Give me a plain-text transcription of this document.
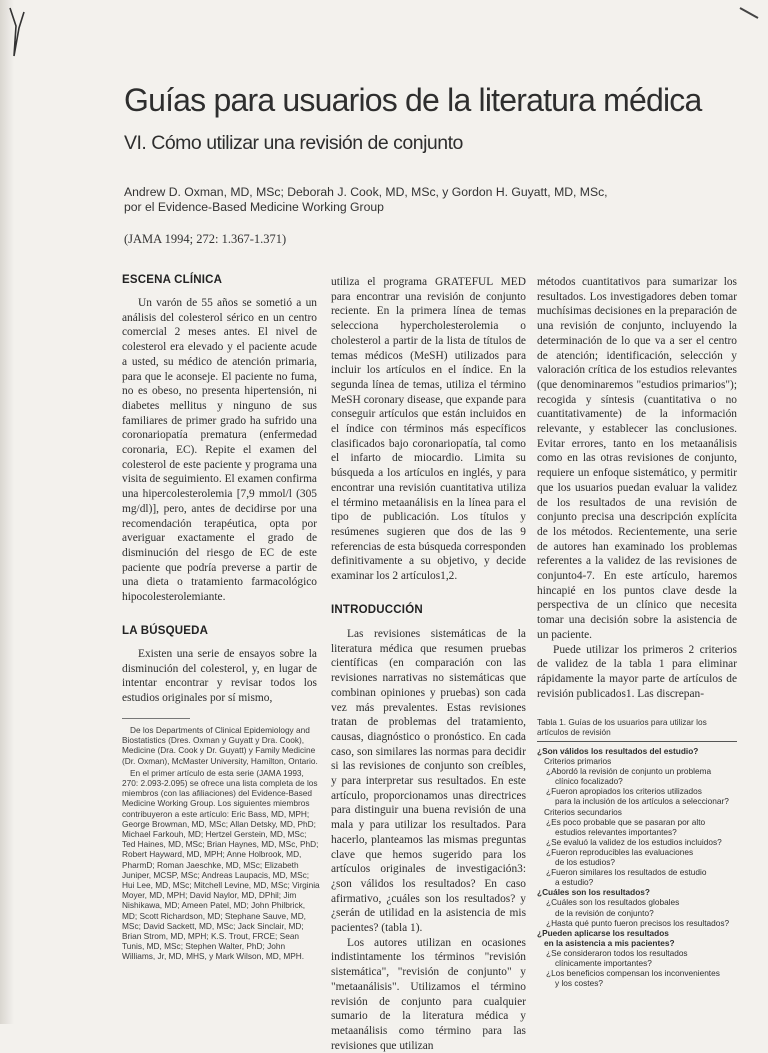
Guías para usuarios de la literatura médica
VI. Cómo utilizar una revisión de conjunto
Andrew D. Oxman, MD, MSc; Deborah J. Cook, MD, MSc, y Gordon H. Guyatt, MD, MSc,
por el Evidence-Based Medicine Working Group
(JAMA 1994; 272: 1.367-1.371)
ESCENA CLÍNICA

Un varón de 55 años se sometió a un análisis del colesterol sérico en un centro comercial 2 meses antes. El nivel de colesterol era elevado y el paciente acude a usted, su médico de atención primaria, para que le aconseje. El paciente no fuma, no es obeso, no presenta hipertensión, ni diabetes mellitus y ninguno de sus familiares de primer grado ha sufrido una coronariopatía prematura (enfermedad coronaria, EC). Repite el examen del colesterol de este paciente y programa una visita de seguimiento. El examen confirma una hipercolesterolemia [7,9 mmol/l (305 mg/dl)], pero, antes de decidirse por una recomendación terapéutica, opta por averiguar exactamente el grado de disminución del riesgo de EC de este paciente que podría preverse a partir de una dieta o tratamiento farmacológico hipocolesterolemiante.

LA BÚSQUEDA

Existen una serie de ensayos sobre la disminución del colesterol, y, en lugar de intentar encontrar y revisar todos los estudios originales por sí mismo,

De los Departments of Clinical Epidemiology and Biostatistics (Dres. Oxman y Guyatt y Dra. Cook), Medicine (Dra. Cook y Dr. Guyatt) y Family Medicine (Dr. Oxman), McMaster University, Hamilton, Ontario.

En el primer artículo de esta serie (JAMA 1993, 270: 2.093-2.095) se ofrece una lista completa de los miembros (con las afiliaciones) del Evidence-Based Medicine Working Group. Los siguientes miembros contribuyeron a este artículo: Eric Bass, MD, MPH; George Browman, MD, MSc; Allan Detsky, MD, PhD; Michael Farkouh, MD; Hertzel Gerstein, MD, MSc; Ted Haines, MD, MSc; Brian Haynes, MD, MSc, PhD; Robert Hayward, MD, MPH; Anne Holbrook, MD, PharmD; Roman Jaeschke, MD, MSc; Elizabeth Juniper, MCSP, MSc; Andreas Laupacis, MD, MSc; Hui Lee, MD, MSc; Mitchell Levine, MD, MSc; Virginia Moyer, MD, MPH; David Naylor, MD, DPhil; Jim Nishikawa, MD; Ameen Patel, MD; John Philbrick, MD; Scott Richardson, MD; Stephane Sauve, MD, MSc; David Sackett, MD, MSc; Jack Sinclair, MD; Brian Strom, MD, MPH; K.S. Trout, FRCE; Sean Tunis, MD, MSc; Stephen Walter, PhD; John Williams, Jr, MD, MHS, y Mark Wilson, MD, MPH.

utiliza el programa GRATEFUL MED para encontrar una revisión de conjunto reciente. En la primera línea de temas selecciona hypercholesterolemia o cholesterol a partir de la lista de títulos de temas médicos (MeSH) utilizados para incluir los artículos en el índice. En la segunda línea de temas, utiliza el término MeSH coronary disease, que expande para conseguir artículos que están incluidos en el índice con términos más específicos clasificados bajo coronariopatía, tal como el infarto de miocardio. Limita su búsqueda a los artículos en inglés, y para encontrar una revisión cuantitativa utiliza el término metaanálisis en la línea para el tipo de publicación. Los títulos y resúmenes sugieren que dos de las 9 referencias de esta búsqueda corresponden definitivamente a su objetivo, y decide examinar los 2 artículos1,2.

INTRODUCCIÓN

Las revisiones sistemáticas de la literatura médica que resumen pruebas científicas (en comparación con las revisiones narrativas no sistemáticas que combinan opiniones y pruebas) son cada vez más prevalentes. Estas revisiones tratan de problemas del tratamiento, causas, diagnóstico o pronóstico. En cada caso, son similares las normas para decidir si las revisiones de conjunto son creíbles, y para interpretar sus resultados. En este artículo, proporcionamos unas directrices para distinguir una buena revisión de una mala y para utilizar los resultados. Para hacerlo, planteamos las mismas preguntas clave que hemos sugerido para los artículos originales de investigación3: ¿son válidos los resultados? En caso afirmativo, ¿cuáles son los resultados? y ¿serán de utilidad en la asistencia de mis pacientes? (tabla 1).

Los autores utilizan en ocasiones indistintamente los términos "revisión sistemática", "revisión de conjunto" y "metaanálisis". Utilizamos el término revisión de conjunto para cualquier sumario de la literatura médica y metaanálisis como término para las revisiones que utilizan

métodos cuantitativos para sumarizar los resultados. Los investigadores deben tomar muchísimas decisiones en la preparación de una revisión de conjunto, incluyendo la determinación de lo que va a ser el centro de atención; identificación, selección y valoración crítica de los estudios relevantes (que denominaremos "estudios primarios"); recogida y síntesis (cuantitativa o no cuantitativamente) de la información relevante, y establecer las conclusiones. Evitar errores, tanto en los metaanálisis como en las otras revisiones de conjunto, requiere un enfoque sistemático, y permitir que los usuarios puedan evaluar la validez de los resultados de una revisión de conjunto precisa una descripción explícita de los métodos. Recientemente, una serie de autores han examinado los problemas referentes a la validez de las revisiones de conjunto4-7. En este artículo, haremos hincapié en los puntos clave desde la perspectiva de un clínico que necesita tomar una decisión sobre la asistencia de un paciente.

Puede utilizar los primeros 2 criterios de validez de la tabla 1 para eliminar rápidamente la mayor parte de artículos de revisión publicados1. Las discrepan-

Tabla 1. Guías de los usuarios para utilizar los artículos de revisión
¿Son válidos los resultados del estudio?
Criterios primarios
¿Abordó la revisión de conjunto un problema
clínico focalizado?
¿Fueron apropiados los criterios utilizados
para la inclusión de los artículos a seleccionar?
Criterios secundarios
¿Es poco probable que se pasaran por alto
estudios relevantes importantes?
¿Se evaluó la validez de los estudios incluidos?
¿Fueron reproducibles las evaluaciones
de los estudios?
¿Fueron similares los resultados de estudio
a estudio?
¿Cuáles son los resultados?
¿Cuáles son los resultados globales
de la revisión de conjunto?
¿Hasta qué punto fueron precisos los resultados?
¿Pueden aplicarse los resultados
en la asistencia a mis pacientes?
¿Se consideraron todos los resultados
clínicamente importantes?
¿Los beneficios compensan los inconvenientes
y los costes?
